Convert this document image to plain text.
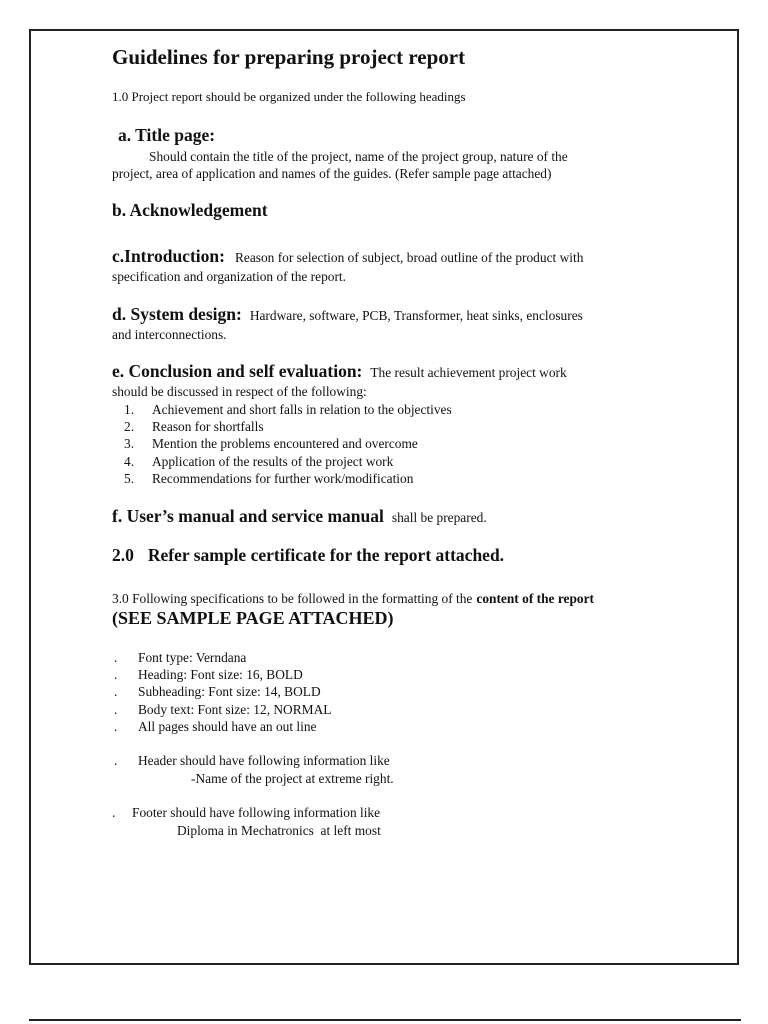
Guidelines for preparing project report
1.0 Project report should be organized under the following headings
a. Title page:
Should contain the title of the project, name of the project group, nature of the
project, area of application and names of the guides. (Refer sample page attached)
b. Acknowledgement
c.Introduction: Reason for selection of subject, broad outline of the product with
specification and organization of the report.
d. System design: Hardware, software, PCB, Transformer, heat sinks, enclosures
and interconnections.
e. Conclusion and self evaluation: The result achievement project work
should be discussed in respect of the following:
1. Achievement and short falls in relation to the objectives
2. Reason for shortfalls
3. Mention the problems encountered and overcome
4. Application of the results of the project work
5. Recommendations for further work/modification
f. User’s manual and service manual shall be prepared.
2.0 Refer sample certificate for the report attached.
3.0 Following specifications to be followed in the formatting of the content of the report
(SEE SAMPLE PAGE ATTACHED)
. Font type: Verndana
. Heading: Font size: 16, BOLD
. Subheading: Font size: 14, BOLD
. Body text: Font size: 12, NORMAL
. All pages should have an out line
. Header should have following information like
-Name of the project at extreme right.
. Footer should have following information like
Diploma in Mechatronics  at left most
